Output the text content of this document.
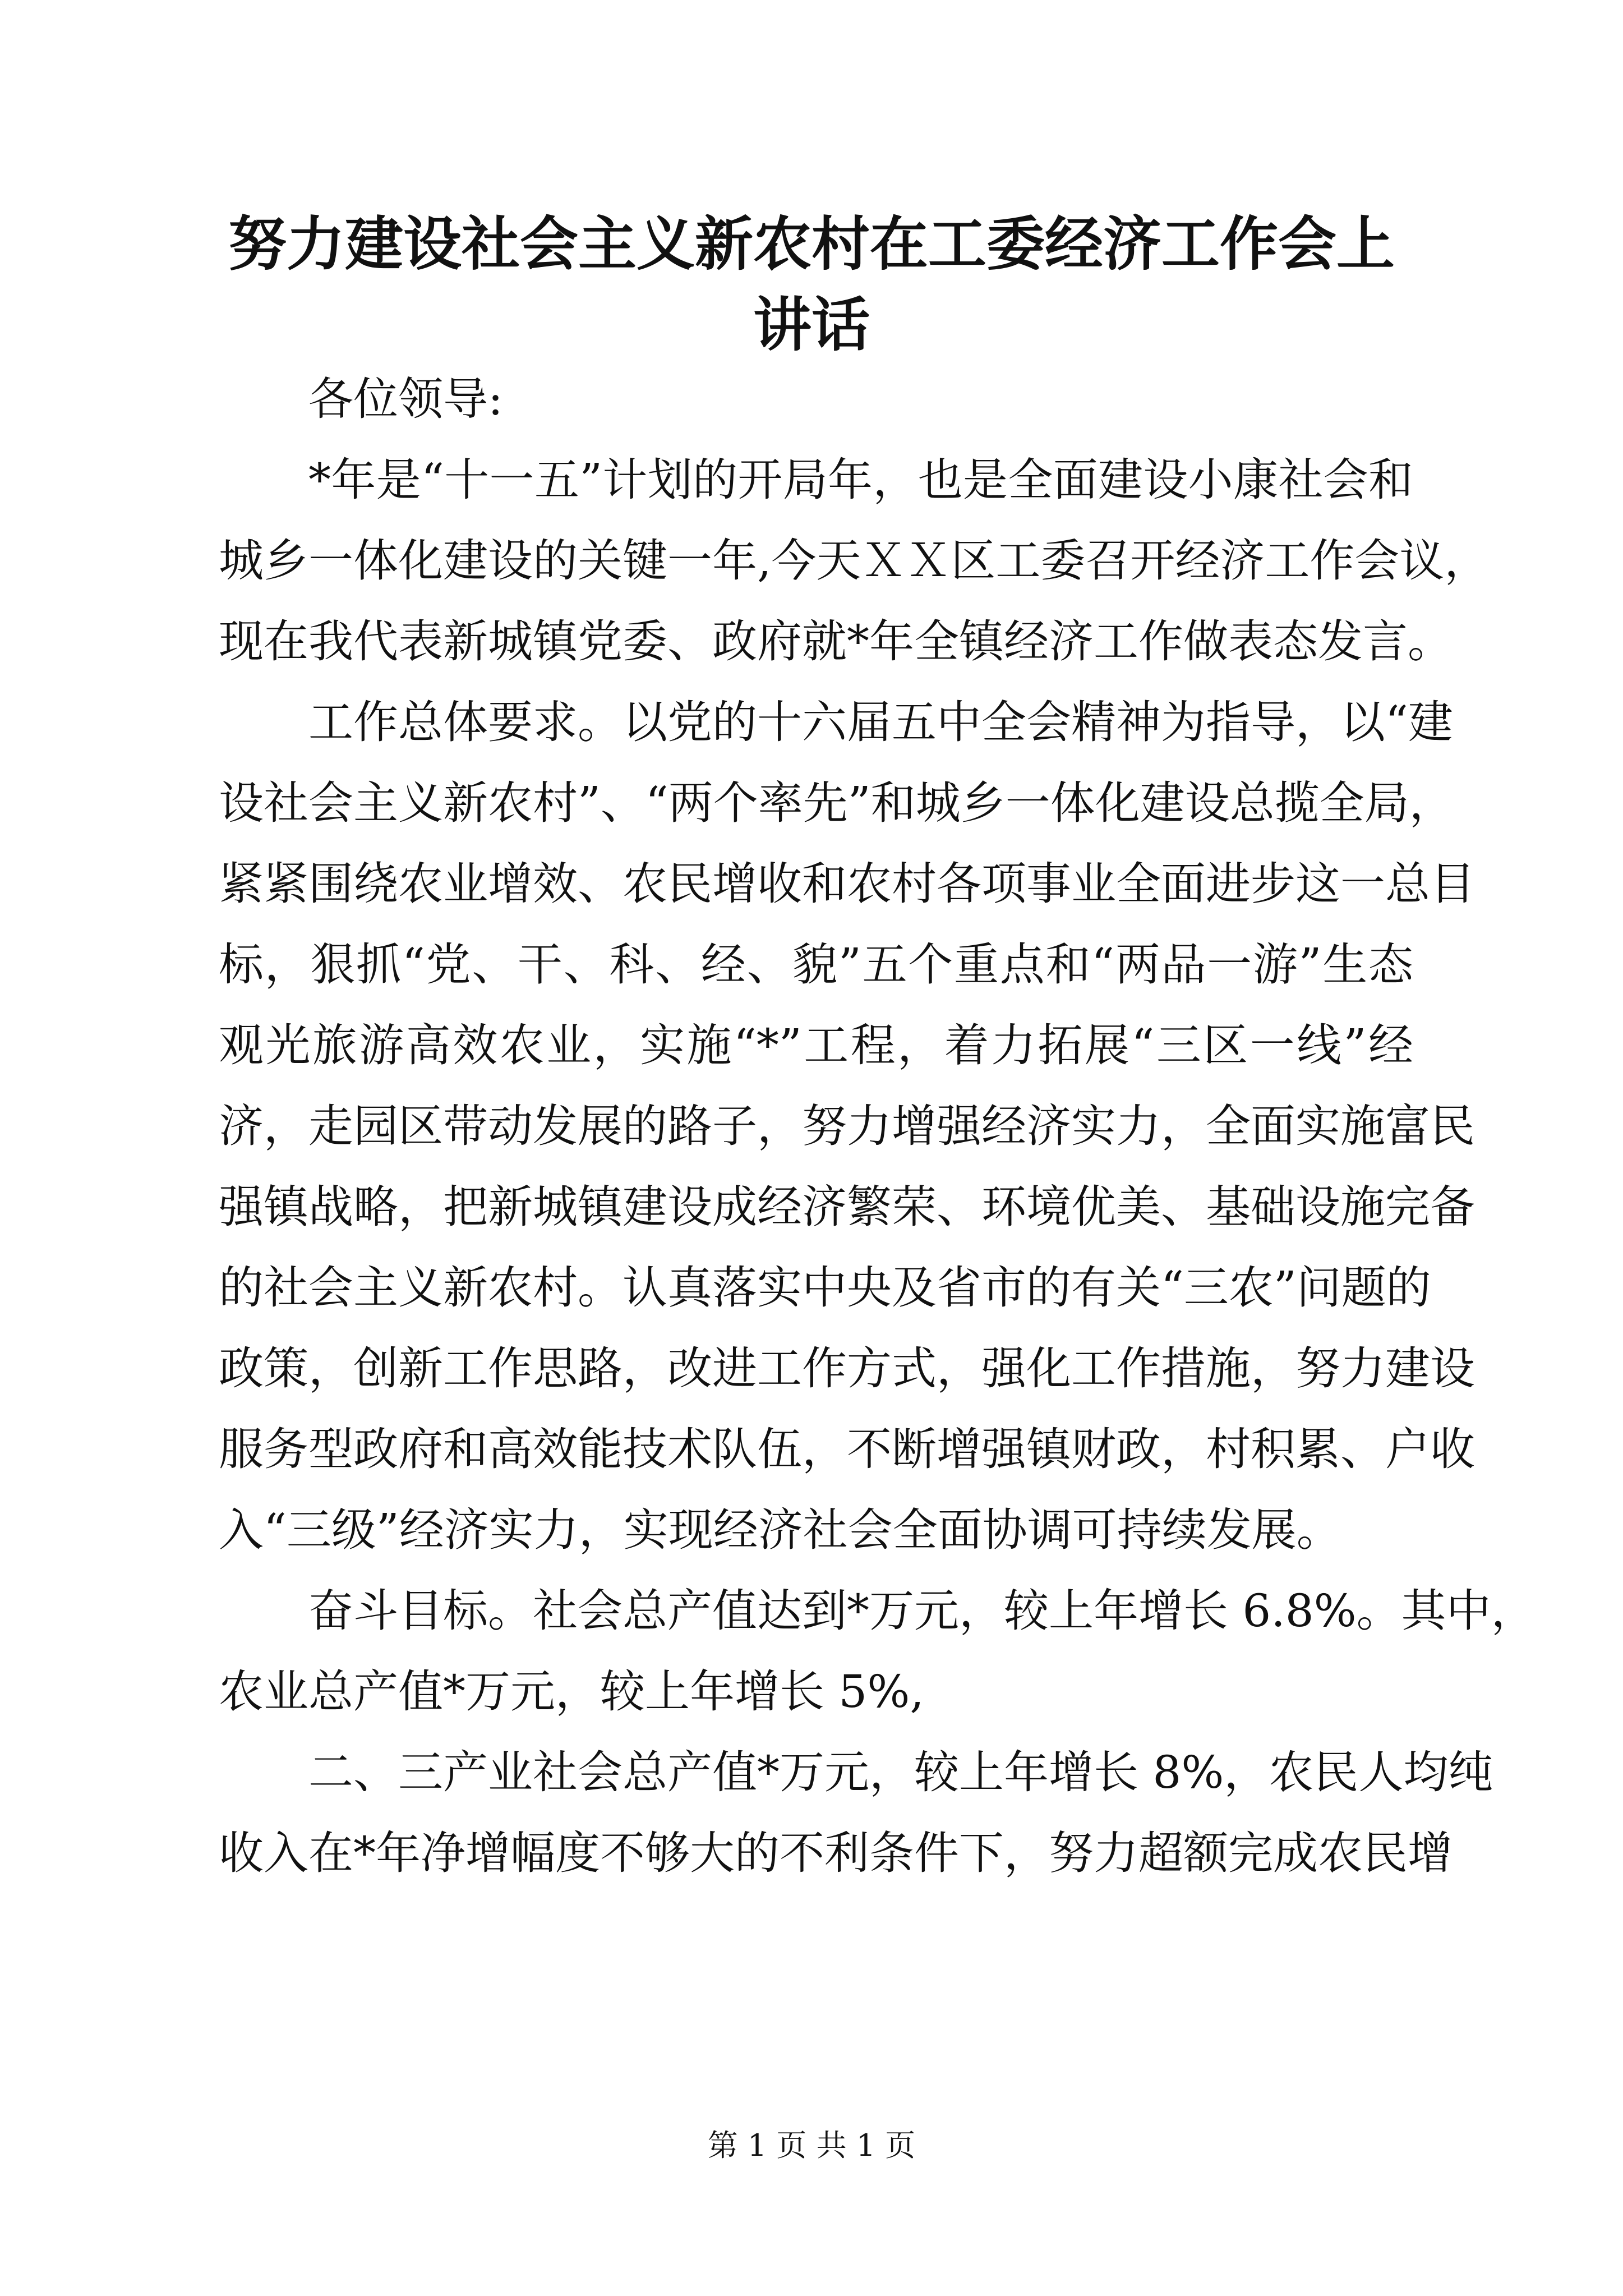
努力建设社会主义新农村在工委经济工作会上
讲话
各位领导:
*年是“十一五”计划的开局年，也是全面建设小康社会和
城乡一体化建设的关键一年,今天ＸＸ区工委召开经济工作会议，
现在我代表新城镇党委、政府就*年全镇经济工作做表态发言。
工作总体要求。以党的十六届五中全会精神为指导，以“建
设社会主义新农村”、“两个率先”和城乡一体化建设总揽全局，
紧紧围绕农业增效、农民增收和农村各项事业全面进步这一总目
标，狠抓“党、干、科、经、貌”五个重点和“两品一游”生态
观光旅游高效农业，实施“*”工程，着力拓展“三区一线”经
济，走园区带动发展的路子，努力增强经济实力，全面实施富民
强镇战略，把新城镇建设成经济繁荣、环境优美、基础设施完备
的社会主义新农村。认真落实中央及省市的有关“三农”问题的
政策，创新工作思路，改进工作方式，强化工作措施，努力建设
服务型政府和高效能技术队伍，不断增强镇财政，村积累、户收
入“三级”经济实力，实现经济社会全面协调可持续发展。
奋斗目标。社会总产值达到*万元，较上年增长 6.8%。其中，
农业总产值*万元，较上年增长 5%,
二、三产业社会总产值*万元，较上年增长 8%，农民人均纯
收入在*年净增幅度不够大的不利条件下，努力超额完成农民增
第 1 页 共 1 页
